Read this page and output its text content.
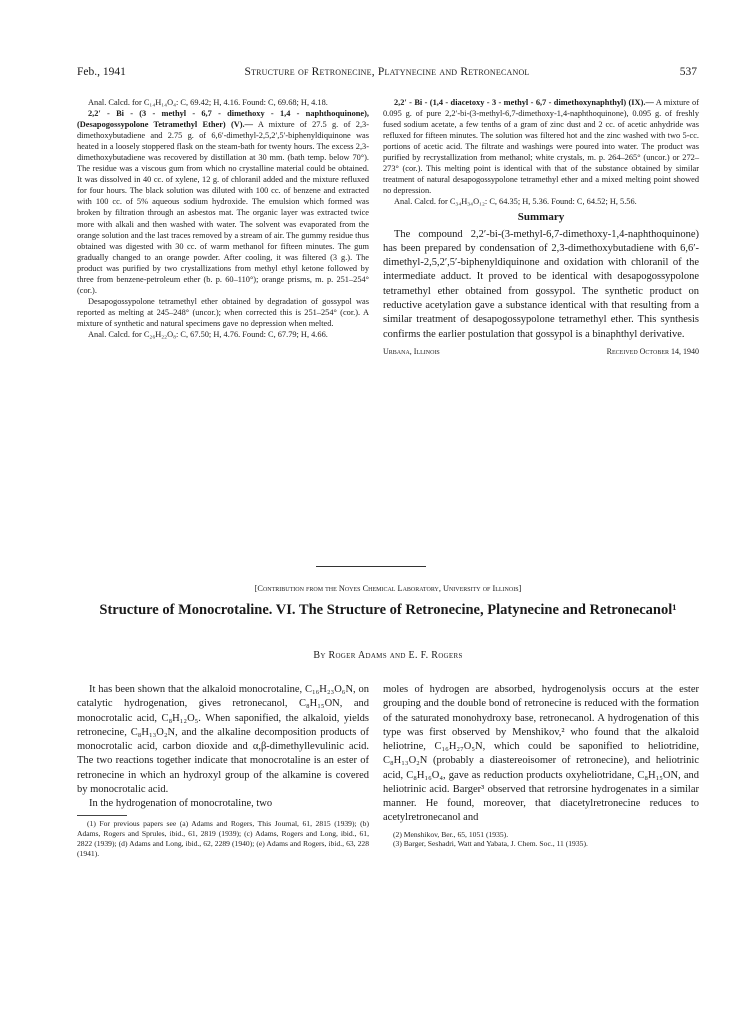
Feb., 1941	Structure of Retronecine, Platynecine and Retronecanol	537

Anal. Calcd. for C₁₄H₁₄O₄: C, 69.42; H, 4.16. Found: C, 69.68; H, 4.18.

2,2′ - Bi - (3 - methyl - 6,7 - dimethoxy - 1,4 - naphthoquinone), (Desapogossypolone Tetramethyl Ether) (V).— A mixture of 27.5 g. of 2,3-dimethoxybutadiene and 2.75 g. of 6,6′-dimethyl-2,5,2′,5′-biphenyldiquinone was heated in a loosely stoppered flask on the steam-bath for twenty hours. The excess 2,3-dimethoxybutadiene was recovered by distillation at 30 mm. (bath temp. below 70°). The residue was a viscous gum from which no crystalline material could be obtained. It was dissolved in 40 cc. of xylene, 12 g. of chloranil added and the mixture refluxed for four hours. The black solution was diluted with 100 cc. of benzene and extracted with 100 cc. of 5% aqueous sodium hydroxide. The emulsion which formed was broken by filtration through an asbestos mat. The organic layer was extracted twice more with alkali and then washed with water. The solvent was evaporated from the orange solution and the last traces removed by a stream of air. The gummy residue thus obtained was digested with 30 cc. of warm methanol for fifteen minutes. The gum gradually changed to an orange powder. After cooling, it was filtered (3 g.). The product was purified by two crystallizations from methyl ethyl ketone followed by three from benzene-petroleum ether (b. p. 60–110°); orange prisms, m. p. 251–254° (cor.).

Desapogossypolone tetramethyl ether obtained by degradation of gossypol was reported as melting at 245–248° (uncor.); when corrected this is 251–254° (cor.). A mixture of synthetic and natural specimens gave no depression when melted.

Anal. Calcd. for C₂₆H₂₂O₈: C, 67.50; H, 4.76. Found: C, 67.79; H, 4.66.

2,2′ - Bi - (1,4 - diacetoxy - 3 - methyl - 6,7 - dimethoxynaphthyl) (IX).— A mixture of 0.095 g. of pure 2,2′-bi-(3-methyl-6,7-dimethoxy-1,4-naphthoquinone), 0.095 g. of freshly fused sodium acetate, a few tenths of a gram of zinc dust and 2 cc. of acetic anhydride was refluxed for fifteen minutes. The solution was filtered hot and the zinc washed with two 5-cc. portions of acetic acid. The filtrate and washings were poured into water. The product was purified by recrystallization from methanol; white crystals, m. p. 264–265° (uncor.) or 272–273° (cor.). This melting point is identical with that of the substance obtained by similar treatment of natural desapogossypolone tetramethyl ether and a mixed melting point showed no depression.

Anal. Calcd. for C₃₄H₃₄O₁₂: C, 64.35; H, 5.36. Found: C, 64.52; H, 5.56.

Summary

The compound 2,2′-bi-(3-methyl-6,7-dimethoxy-1,4-naphthoquinone) has been prepared by condensation of 2,3-dimethoxybutadiene with 6,6′-dimethyl-2,5,2′,5′-biphenyldiquinone and oxidation with chloranil of the intermediate adduct. It proved to be identical with desapogossypolone tetramethyl ether obtained from gossypol. The synthetic product on reductive acetylation gave a substance identical with that resulting from a similar treatment of desapogossypolone tetramethyl ether. This synthesis confirms the earlier postulation that gossypol is a binaphthyl derivative.

Urbana, Illinois	Received October 14, 1940
[Contribution from the Noyes Chemical Laboratory, University of Illinois]
Structure of Monocrotaline. VI. The Structure of Retronecine, Platynecine and Retronecanol¹
By Roger Adams and E. F. Rogers

It has been shown that the alkaloid monocrotaline, C₁₆H₂₃O₆N, on catalytic hydrogenation, gives retronecanol, C₈H₁₅ON, and monocrotalic acid, C₈H₁₂O₅. When saponified, the alkaloid, yields retronecine, C₈H₁₃O₂N, and the alkaline decomposition products of monocrotalic acid, carbon dioxide and α,β-dimethyllevulinic acid. The two reactions together indicate that monocrotaline is an ester of retronecine in which an hydroxyl group of the alkamine is covered by monocrotalic acid.

In the hydrogenation of monocrotaline, two

(1) For previous papers see (a) Adams and Rogers, This Journal, 61, 2815 (1939); (b) Adams, Rogers and Sprules, ibid., 61, 2819 (1939); (c) Adams, Rogers and Long, ibid., 61, 2822 (1939); (d) Adams and Long, ibid., 62, 2289 (1940); (e) Adams and Rogers, ibid., 63, 228 (1941).

moles of hydrogen are absorbed, hydrogenolysis occurs at the ester grouping and the double bond of retronecine is reduced with the formation of the saturated monohydroxy base, retronecanol. A hydrogenation of this type was first observed by Menshikov,² who found that the alkaloid heliotrine, C₁₆H₂₇O₅N, which could be saponified to heliotridine, C₈H₁₃O₂N (probably a diastereoisomer of retronecine), and heliotrinic acid, C₈H₁₆O₄, gave as reduction products oxyheliotridane, C₈H₁₅ON, and heliotrinic acid. Barger³ observed that retrorsine hydrogenates in a similar manner. He found, moreover, that diacetylretronecine reduces to acetylretronecanol and

(2) Menshikov, Ber., 65, 1051 (1935).

(3) Barger, Seshadri, Watt and Yabata, J. Chem. Soc., 11 (1935).
